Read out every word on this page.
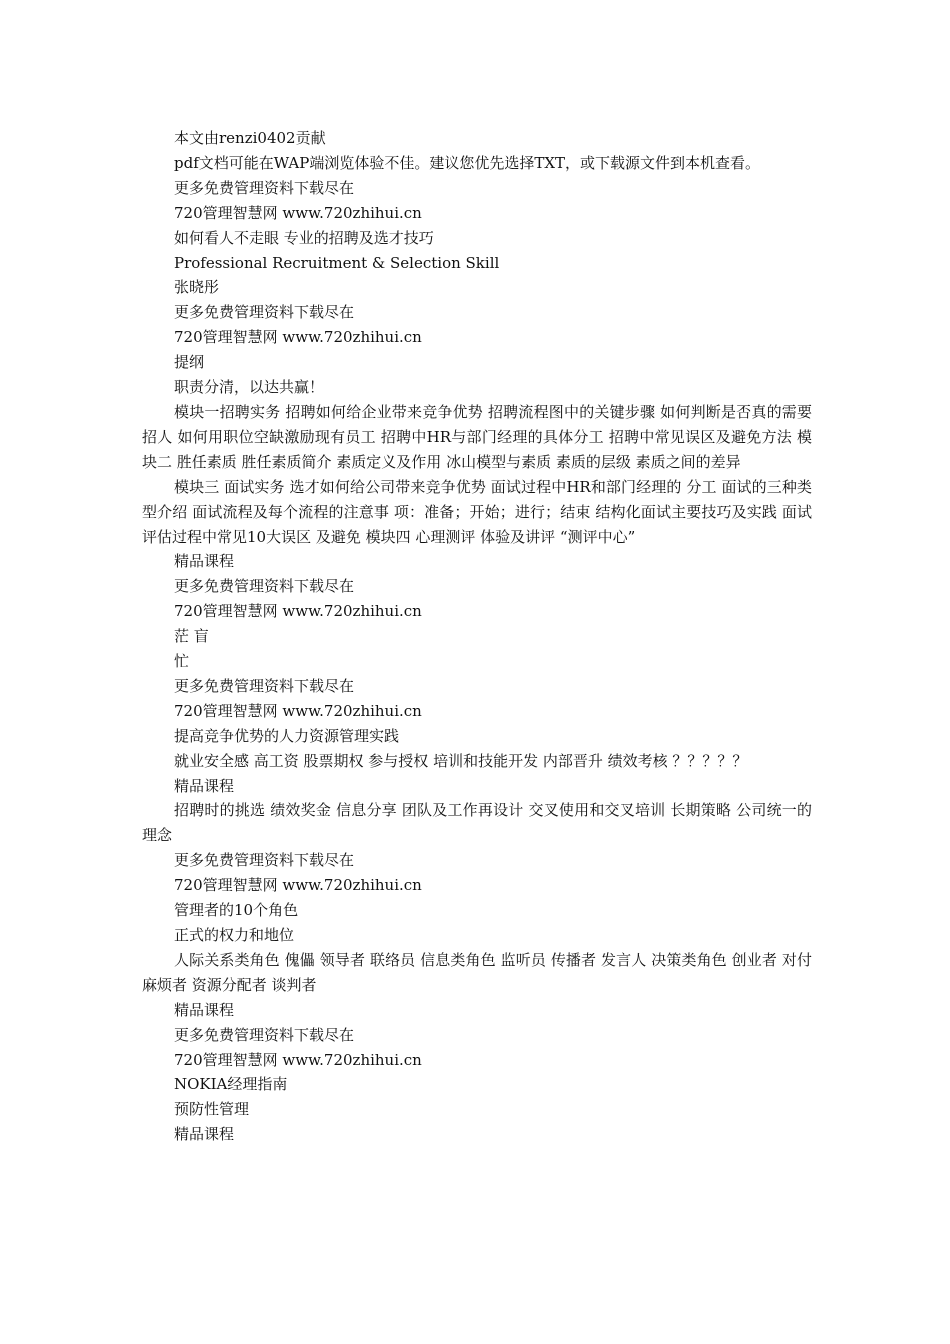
本文由renzi0402贡献
pdf文档可能在WAP端浏览体验不佳。建议您优先选择TXT，或下载源文件到本机查看。
更多免费管理资料下载尽在
720管理智慧网 www.720zhihui.cn
如何看人不走眼 专业的招聘及选才技巧
Professional Recruitment & Selection Skill
张晓彤
更多免费管理资料下载尽在
720管理智慧网 www.720zhihui.cn
提纲
职责分清，以达共赢！
模块一招聘实务 招聘如何给企业带来竞争优势 招聘流程图中的关键步骤 如何判断是否真的需要招人 如何用职位空缺激励现有员工 招聘中HR与部门经理的具体分工 招聘中常见误区及避免方法 模块二 胜任素质 胜任素质简介 素质定义及作用 冰山模型与素质 素质的层级 素质之间的差异
模块三 面试实务 选才如何给公司带来竞争优势 面试过程中HR和部门经理的 分工 面试的三种类型介绍 面试流程及每个流程的注意事 项：准备；开始；进行；结束 结构化面试主要技巧及实践 面试评估过程中常见10大误区 及避免 模块四 心理测评 体验及讲评 “测评中心”
精品课程
更多免费管理资料下载尽在
720管理智慧网 www.720zhihui.cn
茫 盲
忙
更多免费管理资料下载尽在
720管理智慧网 www.720zhihui.cn
提高竞争优势的人力资源管理实践
就业安全感 高工资 股票期权 参与授权 培训和技能开发 内部晋升 绩效考核 ？？？？？
精品课程
招聘时的挑选 绩效奖金 信息分享 团队及工作再设计 交叉使用和交叉培训 长期策略 公司统一的理念
更多免费管理资料下载尽在
720管理智慧网 www.720zhihui.cn
管理者的10个角色
正式的权力和地位
人际关系类角色 傀儡 领导者 联络员 信息类角色 监听员 传播者 发言人 决策类角色 创业者 对付麻烦者 资源分配者 谈判者
精品课程
更多免费管理资料下载尽在
720管理智慧网 www.720zhihui.cn
NOKIA经理指南
预防性管理
精品课程
